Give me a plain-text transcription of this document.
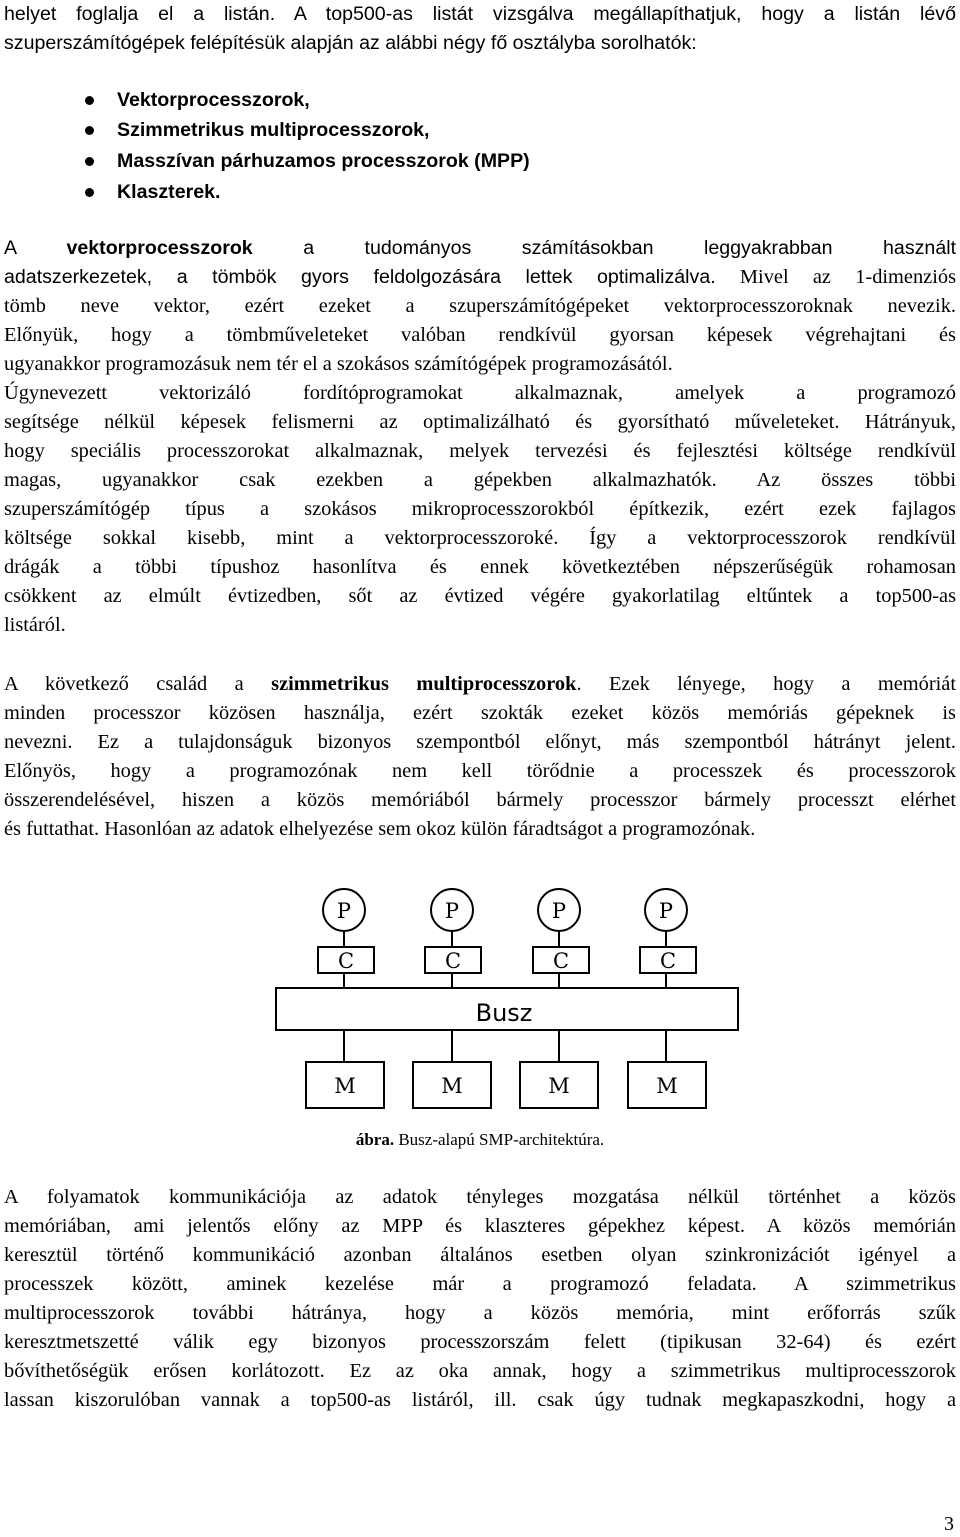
helyet foglalja el a listán. A top500-as listát vizsgálva megállapíthatjuk, hogy a listán lévő
szuperszámítógépek felépítésük alapján az alábbi négy fő osztályba sorolhatók:
Vektorprocesszorok,
Szimmetrikus multiprocesszorok,
Masszívan párhuzamos processzorok (MPP)
Klaszterek.
A	vektorprocesszorok	a tudományos számításokban leggyakrabban használt
adatszerkezetek, a tömbök gyors feldolgozására lettek optimalizálva. Mivel az 1-dimenziós
tömb neve vektor, ezért ezeket a szuperszámítógépeket vektorprocesszoroknak nevezik.
Előnyük, hogy a tömbműveleteket valóban rendkívül gyorsan képesek végrehajtani és
ugyanakkor programozásuk nem tér el a szokásos számítógépek programozásától.
Úgynevezett vektorizáló fordítóprogramokat alkalmaznak, amelyek a programozó
segítsége nélkül képesek felismerni az optimalizálható és gyorsítható műveleteket. Hátrányuk,
hogy speciális processzorokat alkalmaznak, melyek tervezési és fejlesztési költsége rendkívül
magas, ugyanakkor csak ezekben a gépekben alkalmazhatók. Az összes többi
szuperszámítógép típus a szokásos mikroprocesszorokból építkezik, ezért ezek fajlagos
költsége sokkal kisebb, mint a vektorprocesszoroké. Így a vektorprocesszorok rendkívül
drágák a többi típushoz hasonlítva és ennek következtében népszerűségük rohamosan
csökkent az elmúlt évtizedben, sőt az évtized végére gyakorlatilag eltűntek a top500-as
listáról.
A következő család a szimmetrikus multiprocesszorok. Ezek lényege, hogy a memóriát
minden processzor közösen használja, ezért szokták ezeket közös memóriás gépeknek is
nevezni. Ez a tulajdonságuk bizonyos szempontból előnyt, más szempontból hátrányt jelent.
Előnyös, hogy a programozónak nem kell törődnie a processzek és processzorok
összerendelésével, hiszen a közös memóriából bármely processzor bármely processzt elérhet
és futtathat. Hasonlóan az adatok elhelyezése sem okoz külön fáradtságot a programozónak.
P
C
P
C
P
C
P
C
Busz
M	M	M	M
ábra. Busz-alapú SMP-architektúra.
A folyamatok kommunikációja az adatok tényleges mozgatása nélkül történhet a közös
memóriában, ami jelentős előny az MPP és klaszteres gépekhez képest. A közös memórián
keresztül történő kommunikáció azonban általános esetben olyan szinkronizációt igényel a
processzek között, aminek kezelése már a programozó feladata. A szimmetrikus
multiprocesszorok további hátránya, hogy a közös memória, mint erőforrás szűk
keresztmetszetté válik egy bizonyos processzorszám felett (tipikusan 32-64) és ezért
bővíthetőségük erősen korlátozott. Ez az oka annak, hogy a szimmetrikus multiprocesszorok
lassan kiszorulóban vannak a top500-as listáról, ill. csak úgy tudnak megkapaszkodni, hogy a
3
